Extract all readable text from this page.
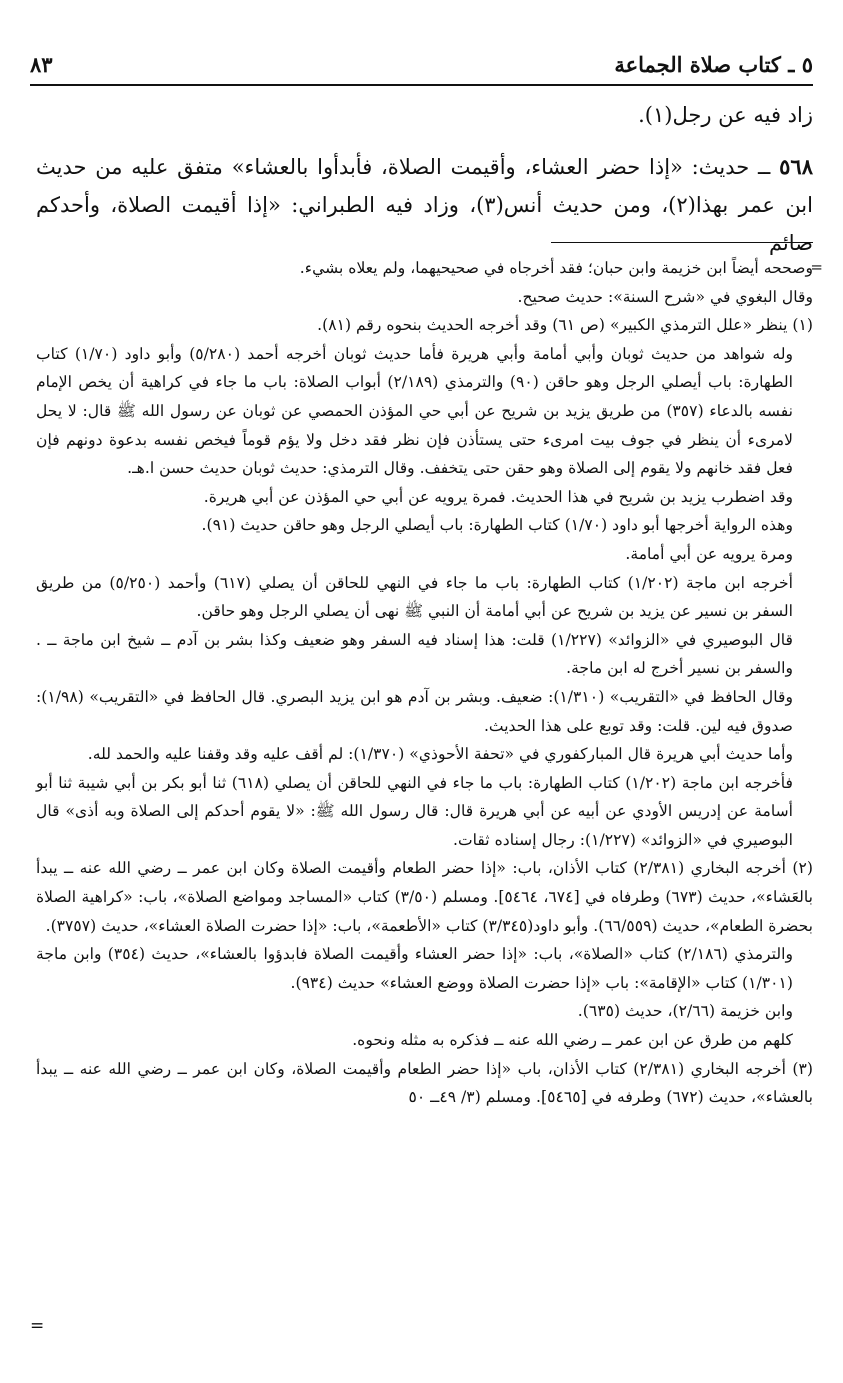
٥ ـ كتاب صلاة الجماعة
٨٣

زاد فيه عن رجل(١).

٥٦٨ ــ حديث: «إذا حضر العشاء، وأقيمت الصلاة، فأبدأوا بالعشاء» متفق عليه من حديث ابن عمر بهذا(٢)، ومن حديث أنس(٣)، وزاد فيه الطبراني: «إذا أقيمت الصلاة، وأحدكم صائم

=

وصححه أيضاً ابن خزيمة وابن حبان؛ فقد أخرجاه في صحيحيهما، ولم يعلاه بشيء.

وقال البغوي في «شرح السنة»: حديث صحيح.

(١) ينظر «علل الترمذي الكبير» (ص ٦١) وقد أخرجه الحديث بنحوه رقم (٨١).

وله شواهد من حديث ثوبان وأبي أمامة وأبي هريرة فأما حديث ثوبان أخرجه أحمد (٥/٢٨٠) وأبو داود (١/٧٠) كتاب الطهارة: باب أيصلي الرجل وهو حاقن (٩٠) والترمذي (٢/١٨٩) أبواب الصلاة: باب ما جاء في كراهية أن يخص الإمام نفسه بالدعاء (٣٥٧) من طريق يزيد بن شريح عن أبي حي المؤذن الحمصي عن ثوبان عن رسول الله ﷺ قال: لا يحل لامرىء أن ينظر في جوف بيت امرىء حتى يستأذن فإن نظر فقد دخل ولا يؤم قوماً فيخص نفسه بدعوة دونهم فإن فعل فقد خانهم ولا يقوم إلى الصلاة وهو حقن حتى يتخفف. وقال الترمذي: حديث ثوبان حديث حسن ا.هـ.

وقد اضطرب يزيد بن شريح في هذا الحديث. فمرة يرويه عن أبي حي المؤذن عن أبي هريرة.

وهذه الرواية أخرجها أبو داود (١/٧٠) كتاب الطهارة: باب أيصلي الرجل وهو حاقن حديث (٩١).

ومرة يرويه عن أبي أمامة.

أخرجه ابن ماجة (١/٢٠٢) كتاب الطهارة: باب ما جاء في النهي للحاقن أن يصلي (٦١٧) وأحمد (٥/٢٥٠) من طريق السفر بن نسير عن يزيد بن شريح عن أبي أمامة أن النبي ﷺ نهى أن يصلي الرجل وهو حاقن.

قال البوصيري في «الزوائد» (١/٢٢٧) قلت: هذا إسناد فيه السفر وهو ضعيف وكذا بشر بن آدم ــ شيخ ابن ماجة ــ . والسفر بن نسير أخرج له ابن ماجة.

وقال الحافظ في «التقريب» (١/٣١٠): ضعيف. وبشر بن آدم هو ابن يزيد البصري. قال الحافظ في «التقريب» (١/٩٨): صدوق فيه لين. قلت: وقد توبع على هذا الحديث.

وأما حديث أبي هريرة قال المباركفوري في «تحفة الأحوذي» (١/٣٧٠): لم أقف عليه وقد وقفنا عليه والحمد لله.

فأخرجه ابن ماجة (١/٢٠٢) كتاب الطهارة: باب ما جاء في النهي للحاقن أن يصلي (٦١٨) ثنا أبو بكر بن أبي شيبة ثنا أبو أسامة عن إدريس الأودي عن أبيه عن أبي هريرة قال: قال رسول الله ﷺ: «لا يقوم أحدكم إلى الصلاة وبه أذى» قال البوصيري في «الزوائد» (١/٢٢٧): رجال إسناده ثقات.

(٢) أخرجه البخاري (٢/٣٨١) كتاب الأذان، باب: «إذا حضر الطعام وأقيمت الصلاة وكان ابن عمر ــ رضي الله عنه ــ يبدأ بالعَشاء»، حديث (٦٧٣) وطرفاه في [٦٧٤، ٥٤٦٤]. ومسلم (٣/٥٠) كتاب «المساجد ومواضع الصلاة»، باب: «كراهية الصلاة بحضرة الطعام»، حديث (٦٦/٥٥٩). وأبو داود(٣/٣٤٥) كتاب «الأطعمة»، باب: «إذا حضرت الصلاة العشاء»، حديث (٣٧٥٧).

والترمذي (٢/١٨٦) كتاب «الصلاة»، باب: «إذا حضر العشاء وأقيمت الصلاة فابدؤوا بالعشاء»، حديث (٣٥٤) وابن ماجة (١/٣٠١) كتاب «الإقامة»: باب «إذا حضرت الصلاة ووضع العشاء» حديث (٩٣٤).

وابن خزيمة (٢/٦٦)، حديث (٦٣٥).

كلهم من طرق عن ابن عمر ــ رضي الله عنه ــ فذكره به مثله ونحوه.

(٣) أخرجه البخاري (٢/٣٨١) كتاب الأذان، باب «إذا حضر الطعام وأقيمت الصلاة، وكان ابن عمر ــ رضي الله عنه ــ يبدأ بالعشاء»، حديث (٦٧٢) وطرفه في [٥٤٦٥]. ومسلم (٣/ ٤٩ــ ٥٠

=
